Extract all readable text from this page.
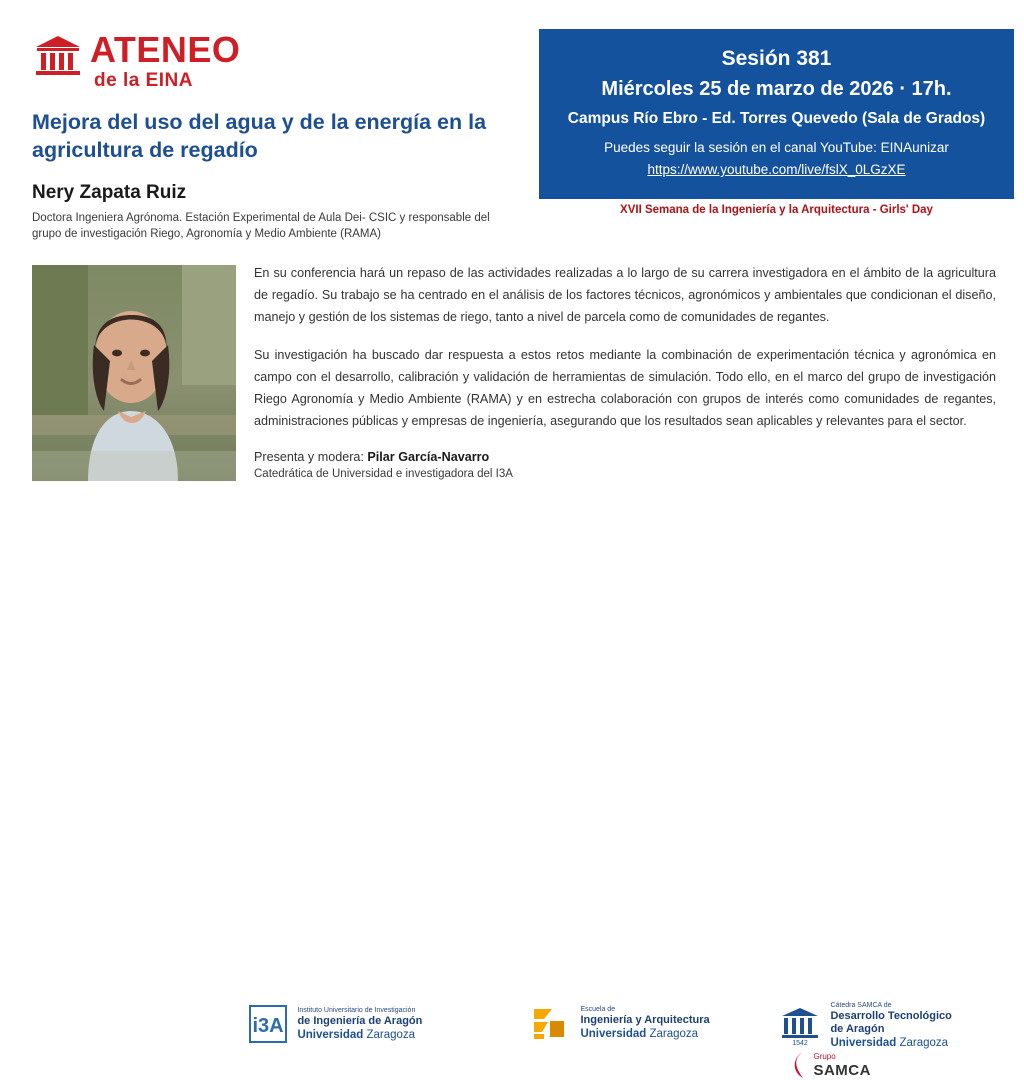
ATENEO
de la EINA
Mejora del uso del agua y de la energía en la agricultura de regadío
Nery Zapata Ruiz
Doctora Ingeniera Agrónoma. Estación Experimental de Aula Dei- CSIC y responsable del grupo de investigación Riego, Agronomía y Medio Ambiente (RAMA)
Sesión 381
Miércoles 25 de marzo de 2026 · 17h.
Campus Río Ebro - Ed. Torres Quevedo (Sala de Grados)
Puedes seguir la sesión en el canal YouTube: EINAunizar
https://www.youtube.com/live/fslX_0LGzXE
XVII Semana de la Ingeniería y la Arquitectura - Girls' Day

En su conferencia hará un repaso de las actividades realizadas a lo largo de su carrera investigadora en el ámbito de la agricultura de regadío. Su trabajo se ha centrado en el análisis de los factores técnicos, agronómicos y ambientales que condicionan el diseño, manejo y gestión de los sistemas de riego, tanto a nivel de parcela como de comunidades de regantes.

Su investigación ha buscado dar respuesta a estos retos mediante la combinación de experimentación técnica y agronómica en campo con el desarrollo, calibración y validación de herramientas de simulación. Todo ello, en el marco del grupo de investigación Riego Agronomía y Medio Ambiente (RAMA) y en estrecha colaboración con grupos de interés como comunidades de regantes, administraciones públicas y empresas de ingeniería, asegurando que los resultados sean aplicables y relevantes para el sector.

Presenta y modera: Pilar García-Navarro
Catedrática de Universidad e investigadora del I3A
i3A

Instituto Universitario de Investigación
de Ingeniería de Aragón
Universidad Zaragoza

Escuela de
Ingeniería y Arquitectura
Universidad Zaragoza
1542

Cátedra SAMCA de
Desarrollo Tecnológico
de Aragón
Universidad Zaragoza

Grupo
SAMCA
